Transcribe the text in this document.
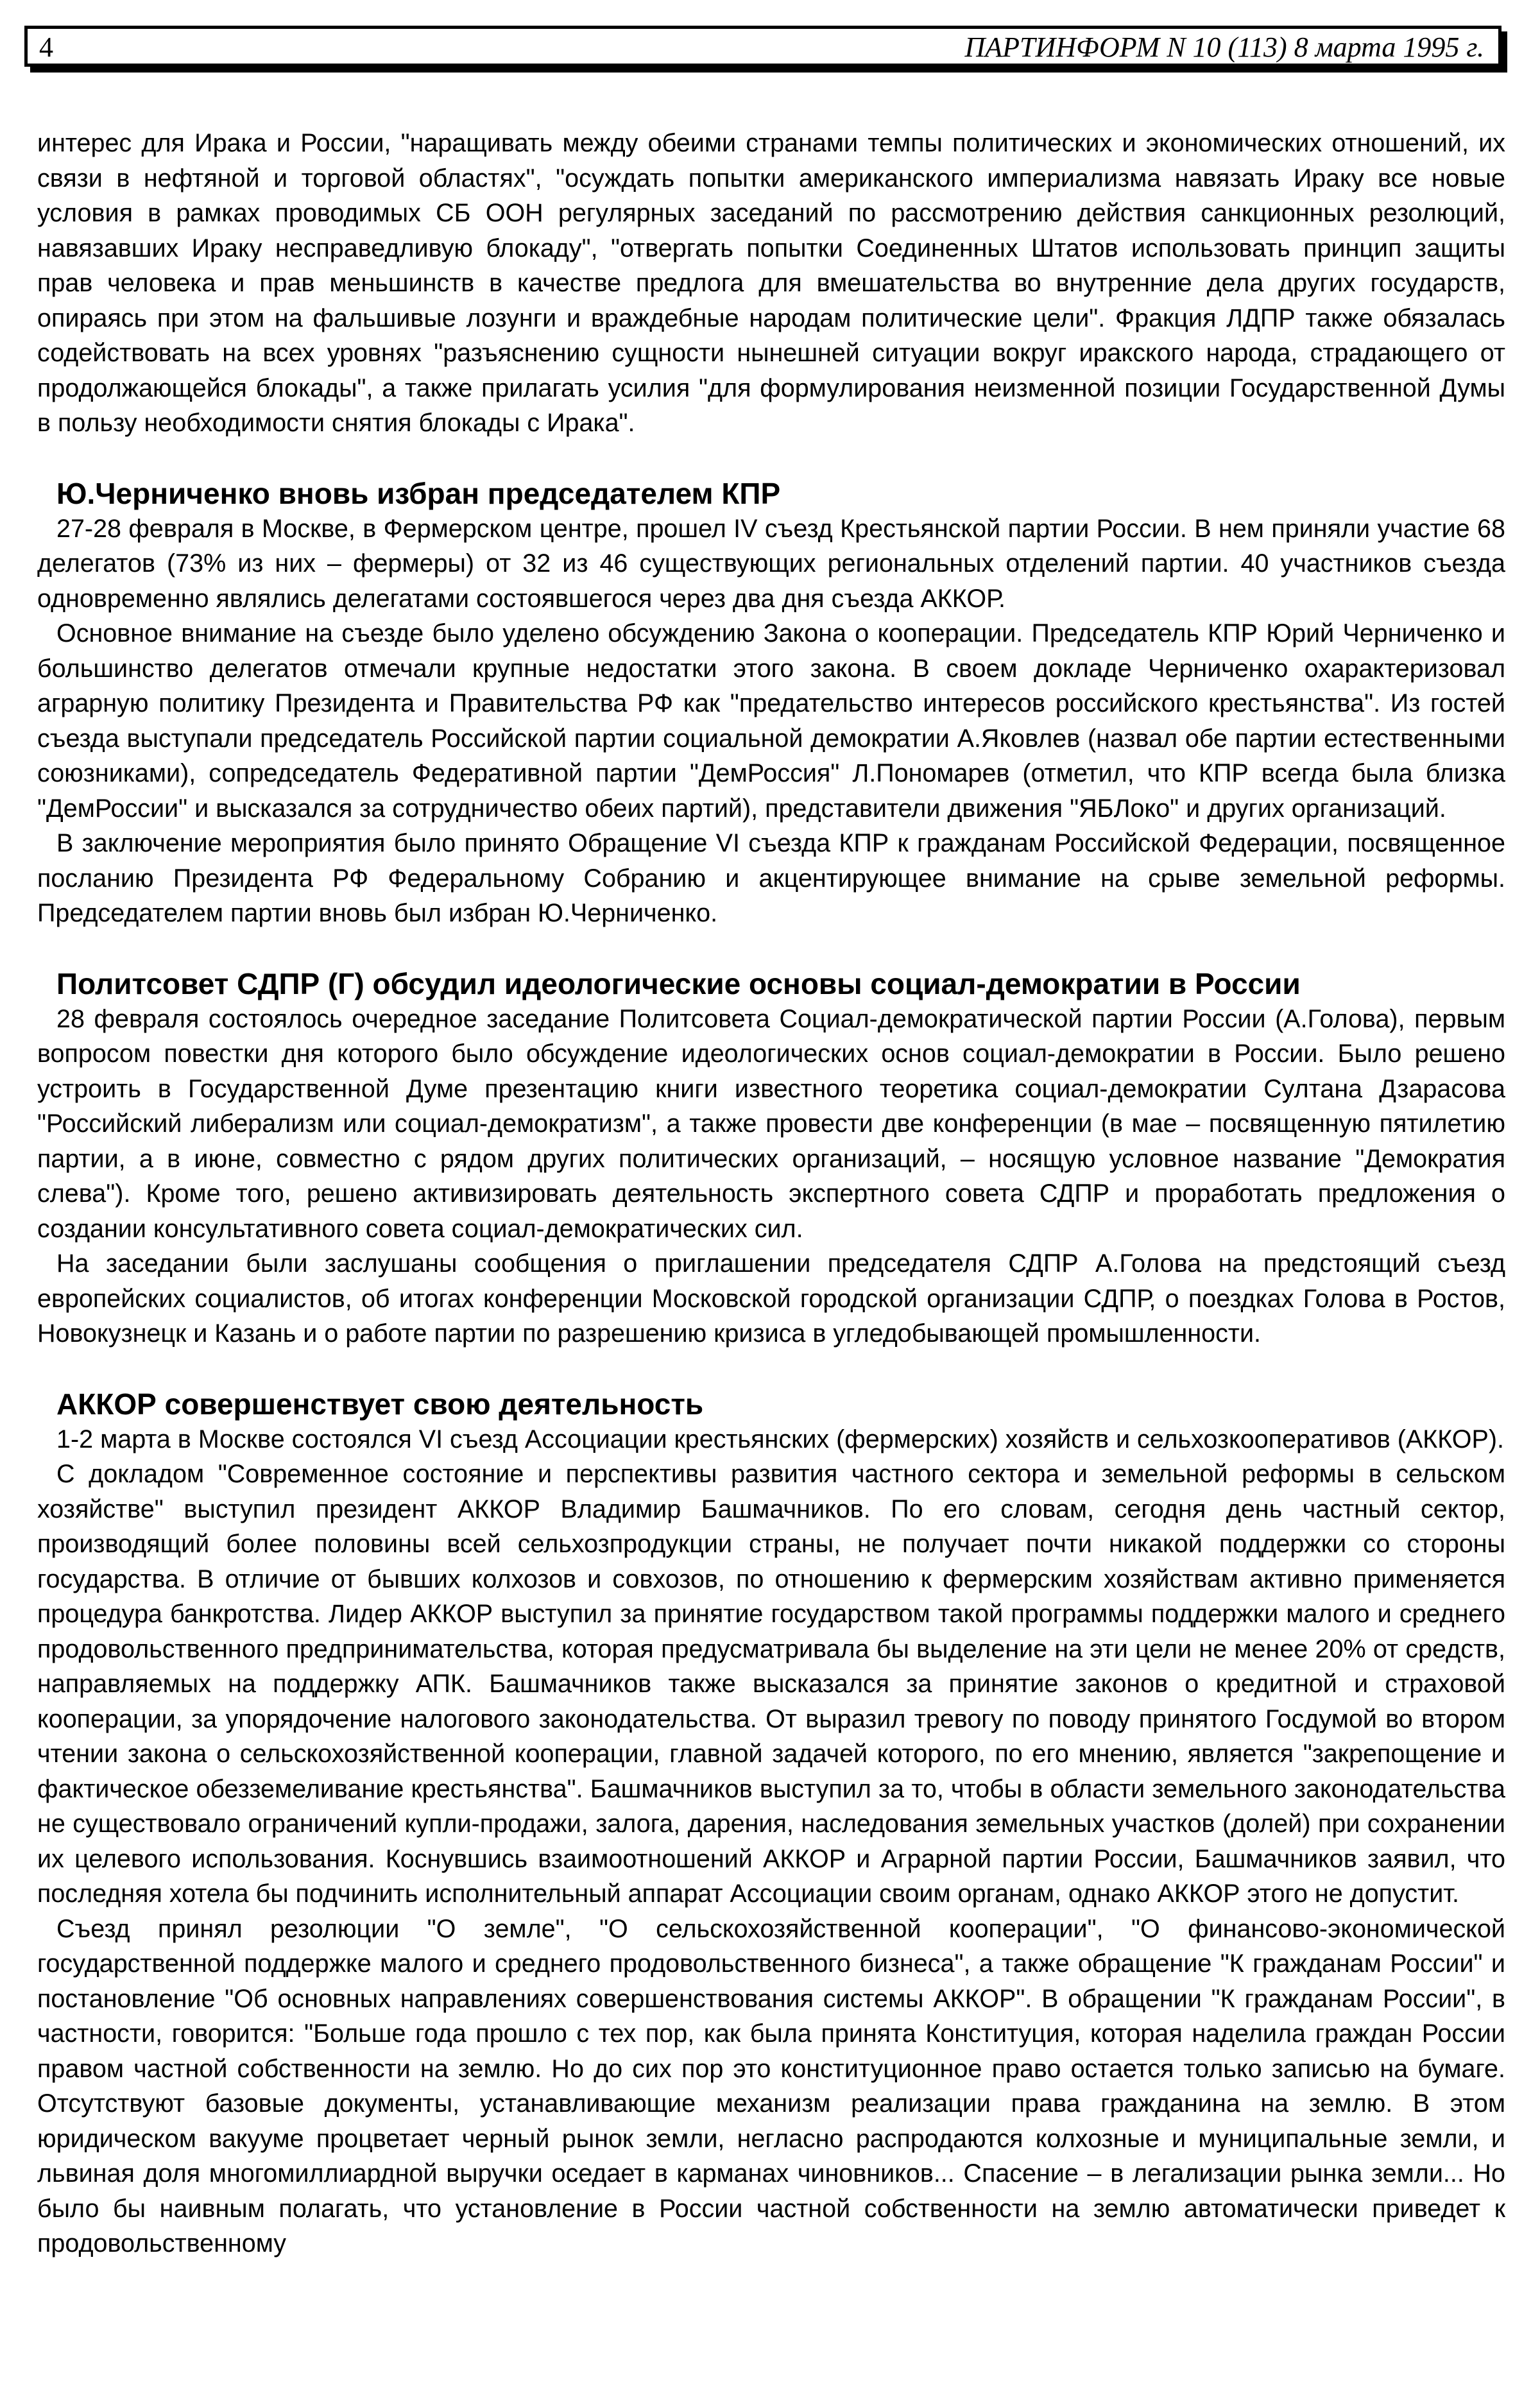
4	ПАРТИНФОРМ N 10 (113) 8 марта 1995 г.

интерес для Ирака и России, "наращивать между обеими странами темпы политических и экономических отношений, их связи в нефтяной и торговой областях", "осуждать попытки американского империализма навязать Ираку все новые условия в рамках проводимых СБ ООН регулярных заседаний по рассмотрению действия санкционных резолюций, навязавших Ираку несправедливую блокаду", "отвергать попытки Соединенных Штатов использовать принцип защиты прав человека и прав меньшинств в качестве предлога для вмешательства во внутренние дела других государств, опираясь при этом на фальшивые лозунги и враждебные народам политические цели". Фракция ЛДПР также обязалась содействовать на всех уровнях "разъяснению сущности нынешней ситуации вокруг иракского народа, страдающего от продолжающейся блокады", а также прилагать усилия "для формулирования неизменной позиции Государственной Думы в пользу необходимости снятия блокады с Ирака".

Ю.Черниченко вновь избран председателем КПР

27-28 февраля в Москве, в Фермерском центре, прошел IV съезд Крестьянской партии России. В нем приняли участие 68 делегатов (73% из них – фермеры) от 32 из 46 существующих региональных отделений партии. 40 участников съезда одновременно являлись делегатами состоявшегося через два дня съезда АККОР.

Основное внимание на съезде было уделено обсуждению Закона о кооперации. Председатель КПР Юрий Черниченко и большинство делегатов отмечали крупные недостатки этого закона. В своем докладе Черниченко охарактеризовал аграрную политику Президента и Правительства РФ как "предательство интересов российского крестьянства". Из гостей съезда выступали председатель Российской партии социальной демократии А.Яковлев (назвал обе партии естественными союзниками), сопредседатель Федеративной партии "ДемРоссия" Л.Пономарев (отметил, что КПР всегда была близка "ДемРоссии" и высказался за сотрудничество обеих партий), представители движения "ЯБЛоко" и других организаций.

В заключение мероприятия было принято Обращение VI съезда КПР к гражданам Российской Федерации, посвященное посланию Президента РФ Федеральному Собранию и акцентирующее внимание на срыве земельной реформы. Председателем партии вновь был избран Ю.Черниченко.

Политсовет СДПР (Г) обсудил идеологические основы социал-демократии в России

28 февраля состоялось очередное заседание Политсовета Социал-демократической партии России (А.Голова), первым вопросом повестки дня которого было обсуждение идеологических основ социал-демократии в России. Было решено устроить в Государственной Думе презентацию книги известного теоретика социал-демократии Султана Дзарасова "Российский либерализм или социал-демократизм", а также провести две конференции (в мае – посвященную пятилетию партии, а в июне, совместно с рядом других политических организаций, – носящую условное название "Демократия слева"). Кроме того, решено активизировать деятельность экспертного совета СДПР и проработать предложения о создании консультативного совета социал-демократических сил.

На заседании были заслушаны сообщения о приглашении председателя СДПР А.Голова на предстоящий съезд европейских социалистов, об итогах конференции Московской городской организации СДПР, о поездках Голова в Ростов, Новокузнецк и Казань и о работе партии по разрешению кризиса в угледобывающей промышленности.

АККОР совершенствует свою деятельность

1-2 марта в Москве состоялся VI съезд Ассоциации крестьянских (фермерских) хозяйств и сельхозкооперативов (АККОР).

С докладом "Современное состояние и перспективы развития частного сектора и земельной реформы в сельском хозяйстве" выступил президент АККОР Владимир Башмачников. По его словам, сегодня день частный сектор, производящий более половины всей сельхозпродукции страны, не получает почти никакой поддержки со стороны государства. В отличие от бывших колхозов и совхозов, по отношению к фермерским хозяйствам активно применяется процедура банкротства. Лидер АККОР выступил за принятие государством такой программы поддержки малого и среднего продовольственного предпринимательства, которая предусматривала бы выделение на эти цели не менее 20% от средств, направляемых на поддержку АПК. Башмачников также высказался за принятие законов о кредитной и страховой кооперации, за упорядочение налогового законодательства. От выразил тревогу по поводу принятого Госдумой во втором чтении закона о сельскохозяйственной кооперации, главной задачей которого, по его мнению, является "закрепощение и фактическое обезземеливание крестьянства". Башмачников выступил за то, чтобы в области земельного законодательства не существовало ограничений купли-продажи, залога, дарения, наследования земельных участков (долей) при сохранении их целевого использования. Коснувшись взаимоотношений АККОР и Аграрной партии России, Башмачников заявил, что последняя хотела бы подчинить исполнительный аппарат Ассоциации своим органам, однако АККОР этого не допустит.

Съезд принял резолюции "О земле", "О сельскохозяйственной кооперации", "О финансово-экономической государственной поддержке малого и среднего продовольственного бизнеса", а также обращение "К гражданам России" и постановление "Об основных направлениях совершенствования системы АККОР". В обращении "К гражданам России", в частности, говорится: "Больше года прошло с тех пор, как была принята Конституция, которая наделила граждан России правом частной собственности на землю. Но до сих пор это конституционное право остается только записью на бумаге. Отсутствуют базовые документы, устанавливающие механизм реализации права гражданина на землю. В этом юридическом вакууме процветает черный рынок земли, негласно распродаются колхозные и муниципальные земли, и львиная доля многомиллиардной выручки оседает в карманах чиновников... Спасение – в легализации рынка земли... Но было бы наивным полагать, что установление в России частной собственности на землю автоматически приведет к продовольственному
